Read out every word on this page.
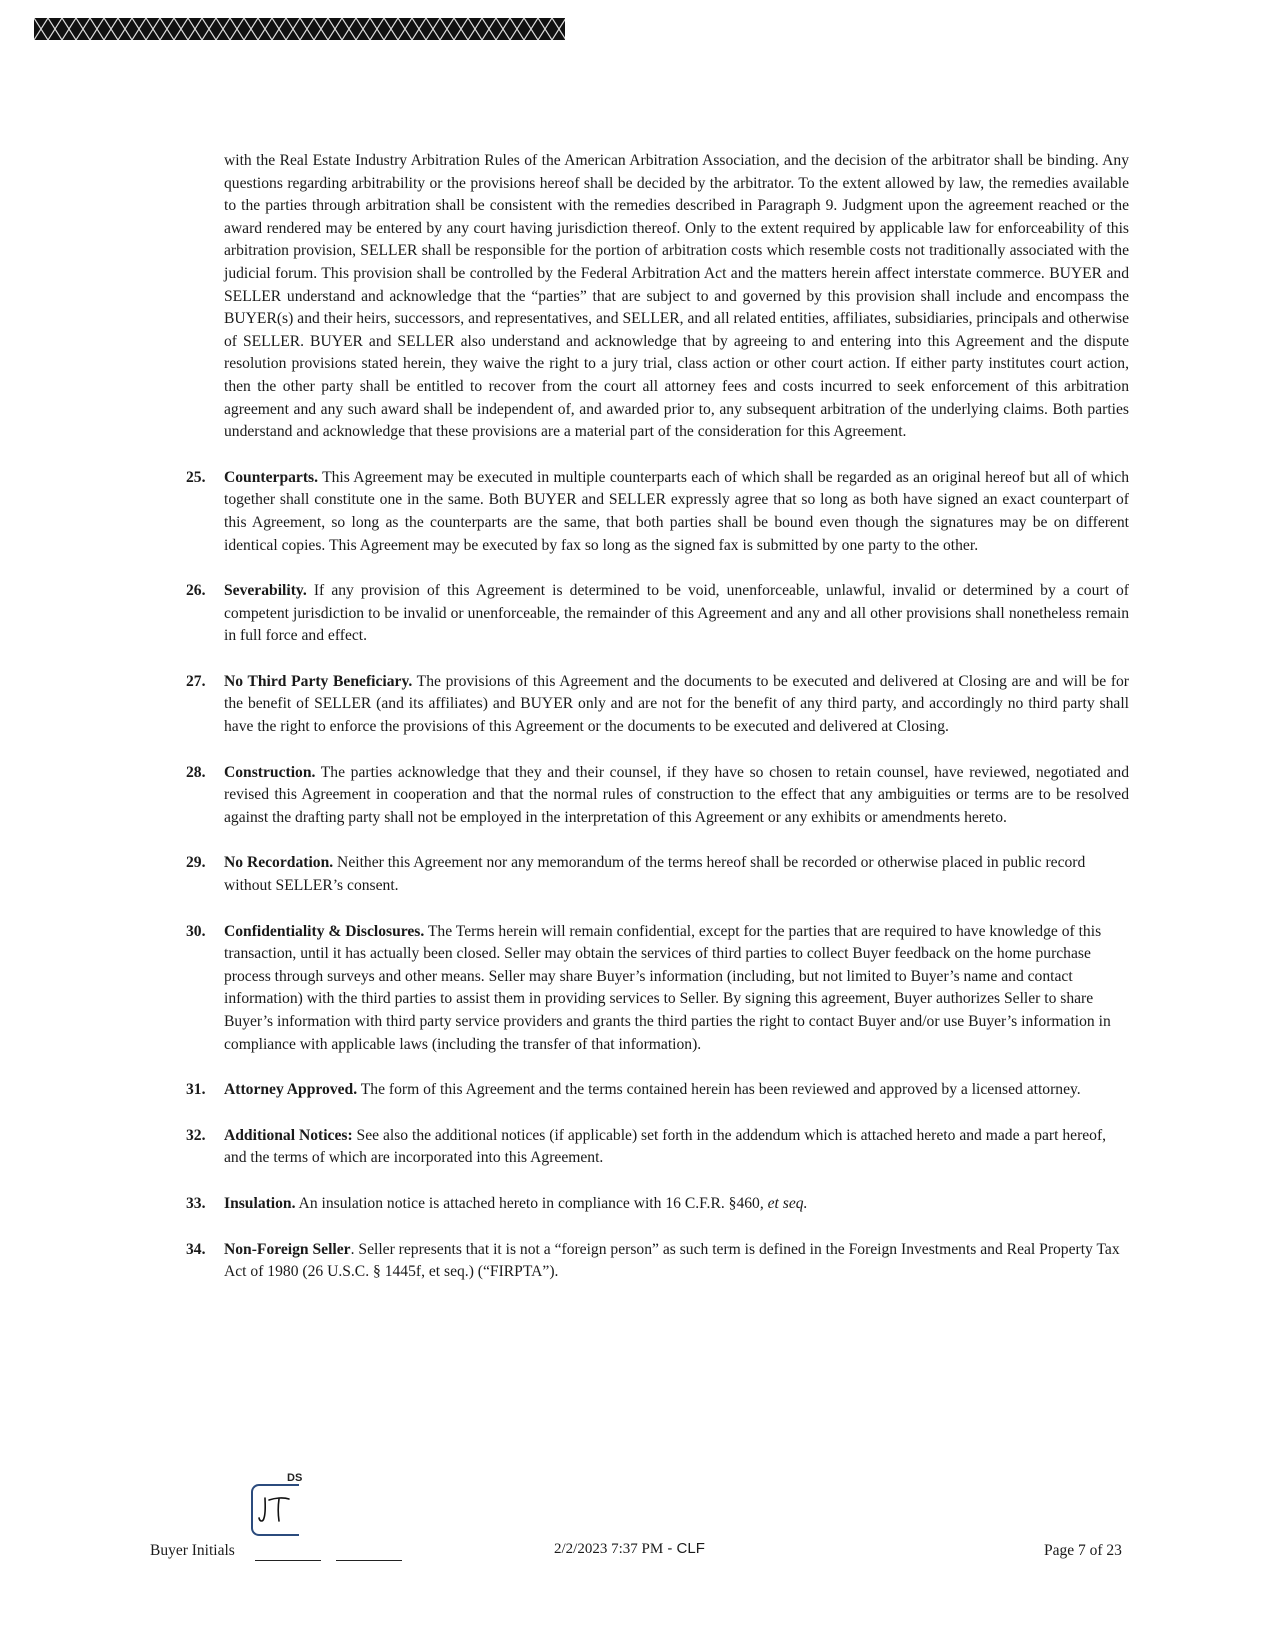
with the Real Estate Industry Arbitration Rules of the American Arbitration Association, and the decision of the arbitrator shall be binding. Any questions regarding arbitrability or the provisions hereof shall be decided by the arbitrator. To the extent allowed by law, the remedies available to the parties through arbitration shall be consistent with the remedies described in Paragraph 9. Judgment upon the agreement reached or the award rendered may be entered by any court having jurisdiction thereof. Only to the extent required by applicable law for enforceability of this arbitration provision, SELLER shall be responsible for the portion of arbitration costs which resemble costs not traditionally associated with the judicial forum. This provision shall be controlled by the Federal Arbitration Act and the matters herein affect interstate commerce. BUYER and SELLER understand and acknowledge that the “parties” that are subject to and governed by this provision shall include and encompass the BUYER(s) and their heirs, successors, and representatives, and SELLER, and all related entities, affiliates, subsidiaries, principals and otherwise of SELLER. BUYER and SELLER also understand and acknowledge that by agreeing to and entering into this Agreement and the dispute resolution provisions stated herein, they waive the right to a jury trial, class action or other court action. If either party institutes court action, then the other party shall be entitled to recover from the court all attorney fees and costs incurred to seek enforcement of this arbitration agreement and any such award shall be independent of, and awarded prior to, any subsequent arbitration of the underlying claims. Both parties understand and acknowledge that these provisions are a material part of the consideration for this Agreement.

25.	Counterparts. This Agreement may be executed in multiple counterparts each of which shall be regarded as an original hereof but all of which together shall constitute one in the same. Both BUYER and SELLER expressly agree that so long as both have signed an exact counterpart of this Agreement, so long as the counterparts are the same, that both parties shall be bound even though the signatures may be on different identical copies. This Agreement may be executed by fax so long as the signed fax is submitted by one party to the other.
26.	Severability. If any provision of this Agreement is determined to be void, unenforceable, unlawful, invalid or determined by a court of competent jurisdiction to be invalid or unenforceable, the remainder of this Agreement and any and all other provisions shall nonetheless remain in full force and effect.
27.	No Third Party Beneficiary. The provisions of this Agreement and the documents to be executed and delivered at Closing are and will be for the benefit of SELLER (and its affiliates) and BUYER only and are not for the benefit of any third party, and accordingly no third party shall have the right to enforce the provisions of this Agreement or the documents to be executed and delivered at Closing.
28.	Construction. The parties acknowledge that they and their counsel, if they have so chosen to retain counsel, have reviewed, negotiated and revised this Agreement in cooperation and that the normal rules of construction to the effect that any ambiguities or terms are to be resolved against the drafting party shall not be employed in the interpretation of this Agreement or any exhibits or amendments hereto.
29.	No Recordation. Neither this Agreement nor any memorandum of the terms hereof shall be recorded or otherwise placed in public record without SELLER’s consent.
30.	Confidentiality & Disclosures. The Terms herein will remain confidential, except for the parties that are required to have knowledge of this transaction, until it has actually been closed. Seller may obtain the services of third parties to collect Buyer feedback on the home purchase process through surveys and other means. Seller may share Buyer’s information (including, but not limited to Buyer’s name and contact information) with the third parties to assist them in providing services to Seller. By signing this agreement, Buyer authorizes Seller to share Buyer’s information with third party service providers and grants the third parties the right to contact Buyer and/or use Buyer’s information in compliance with applicable laws (including the transfer of that information).
31.	Attorney Approved. The form of this Agreement and the terms contained herein has been reviewed and approved by a licensed attorney.
32.	Additional Notices: See also the additional notices (if applicable) set forth in the addendum which is attached hereto and made a part hereof, and the terms of which are incorporated into this Agreement.
33.	Insulation. An insulation notice is attached hereto in compliance with 16 C.F.R. §460, et seq.
34.	Non-Foreign Seller. Seller represents that it is not a “foreign person” as such term is defined in the Foreign Investments and Real Property Tax Act of 1980 (26 U.S.C. § 1445f, et seq.) (“FIRPTA”).
DS
Buyer Initials	2/2/2023 7:37 PM - CLF	Page 7 of 23
